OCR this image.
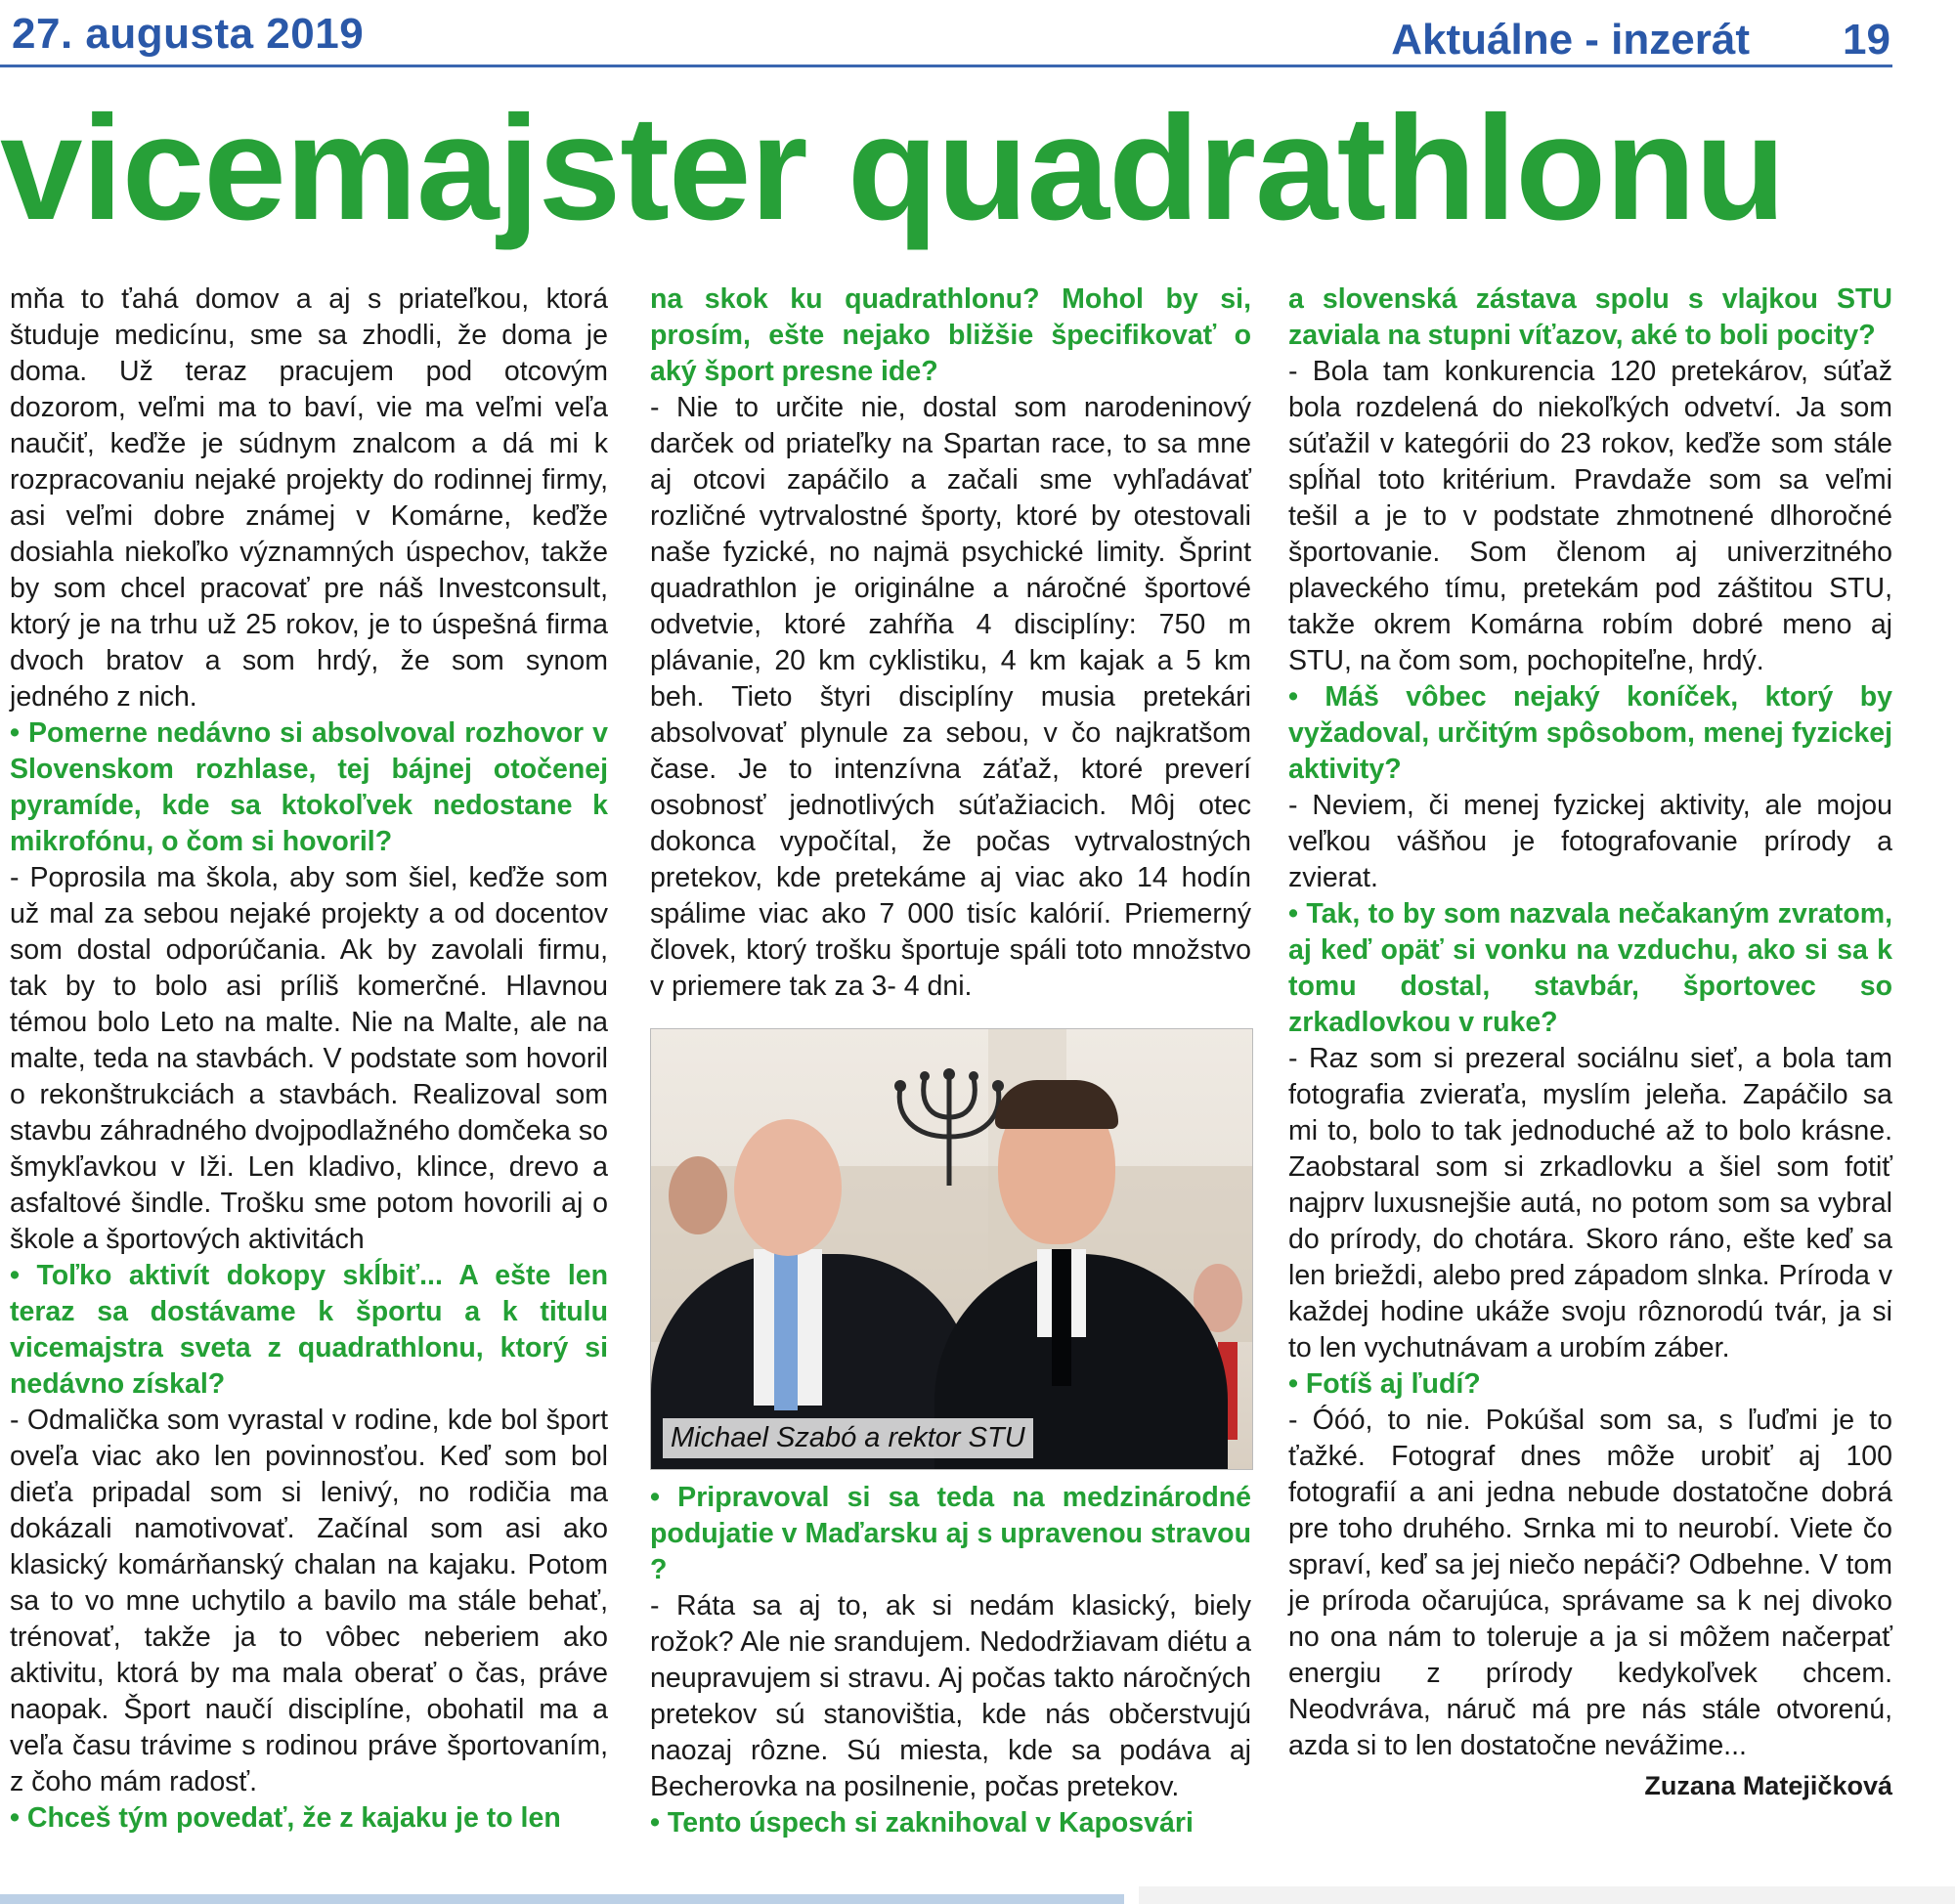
27. augusta 2019	Aktuálne - inzerát 19
vicemajster quadrathlonu

mňa to ťahá domov a aj s priateľkou, ktorá študuje medicínu, sme sa zhodli, že doma je doma. Už teraz pracujem pod otcovým dozorom, veľmi ma to baví, vie ma veľmi veľa naučiť, keďže je súdnym znalcom a dá mi k rozpracovaniu nejaké projekty do rodinnej firmy, asi veľmi dobre známej v Komárne, keďže dosiahla niekoľko významných úspechov, takže by som chcel pracovať pre náš Investconsult, ktorý je na trhu už 25 rokov, je to úspešná firma dvoch bratov a som hrdý, že som synom jedného z nich.

• Pomerne nedávno si absolvoval rozhovor v Slovenskom rozhlase, tej bájnej otočenej pyramíde, kde sa ktokoľvek nedostane k mikrofónu, o čom si hovoril?

- Poprosila ma škola, aby som šiel, keďže som už mal za sebou nejaké projekty a od docentov som dostal odporúčania. Ak by zavolali firmu, tak by to bolo asi príliš komerčné. Hlavnou témou bolo Leto na malte. Nie na Malte, ale na malte, teda na stavbách. V podstate som hovoril o rekonštrukciách a stavbách. Realizoval som stavbu záhradného dvojpodlažného domčeka so šmykľavkou v Iži. Len kladivo, klince, drevo a asfaltové šindle. Trošku sme potom hovorili aj o škole a športových aktivitách

• Toľko aktivít dokopy skĺbiť... A ešte len teraz sa dostávame k športu a k titulu vicemajstra sveta z quadrathlonu, ktorý si nedávno získal?

- Odmalička som vyrastal v rodine, kde bol šport oveľa viac ako len povinnosťou. Keď som bol dieťa pripadal som si lenivý, no rodičia ma dokázali namotivovať. Začínal som asi ako klasický komárňanský chalan na kajaku. Potom sa to vo mne uchytilo a bavilo ma stále behať, trénovať, takže ja to vôbec neberiem ako aktivitu, ktorá by ma mala oberať o čas, práve naopak. Šport naučí disciplíne, obohatil ma a veľa času trávime s rodinou práve športovaním, z čoho mám radosť.

• Chceš tým povedať, že z kajaku je to len

na skok ku quadrathlonu? Mohol by si, prosím, ešte nejako bližšie špecifikovať o aký šport presne ide?

- Nie to určite nie, dostal som narodeninový darček od priateľky na Spartan race, to sa mne aj otcovi zapáčilo a začali sme vyhľadávať rozličné vytrvalostné športy, ktoré by otestovali naše fyzické, no najmä psychické limity. Šprint quadrathlon je originálne a náročné športové odvetvie, ktoré zahŕňa 4 disciplíny: 750 m plávanie, 20 km cyklistiku, 4 km kajak a 5 km beh. Tieto štyri disciplíny musia pretekári absolvovať plynule za sebou, v čo najkratšom čase. Je to intenzívna záťaž, ktoré preverí osobnosť jednotlivých súťažiacich. Môj otec dokonca vypočítal, že počas vytrvalostných pretekov, kde pretekáme aj viac ako 14 hodín spálime viac ako 7 000 tisíc kalórií. Priemerný človek, ktorý trošku športuje spáli toto množstvo v priemere tak za 3- 4 dni.

Michael Szabó a rektor STU

• Pripravoval si sa teda na medzinárodné podujatie v Maďarsku aj s upravenou stravou ?

- Ráta sa aj to, ak si nedám klasický, biely rožok? Ale nie srandujem. Nedodržiavam diétu a neupravujem si stravu. Aj počas takto náročných pretekov sú stanovištia, kde nás občerstvujú naozaj rôzne. Sú miesta, kde sa podáva aj Becherovka na posilnenie, počas pretekov.

• Tento úspech si zaknihoval v Kaposvári

a slovenská zástava spolu s vlajkou STU zaviala na stupni víťazov, aké to boli pocity?

- Bola tam konkurencia 120 pretekárov, súťaž bola rozdelená do niekoľkých odvetví. Ja som súťažil v kategórii do 23 rokov, keďže som stále spĺňal toto kritérium. Pravdaže som sa veľmi tešil a je to v podstate zhmotnené dlhoročné športovanie. Som členom aj univerzitného plaveckého tímu, pretekám pod záštitou STU, takže okrem Komárna robím dobré meno aj STU, na čom som, pochopiteľne, hrdý.

• Máš vôbec nejaký koníček, ktorý by vyžadoval, určitým spôsobom, menej fyzickej aktivity?

- Neviem, či menej fyzickej aktivity, ale mojou veľkou vášňou je fotografovanie prírody a zvierat.

• Tak, to by som nazvala nečakaným zvratom, aj keď opäť si vonku na vzduchu, ako si sa k tomu dostal, stavbár, športovec so zrkadlovkou v ruke?

- Raz som si prezeral sociálnu sieť, a bola tam fotografia zvieraťa, myslím jeleňa. Zapáčilo sa mi to, bolo to tak jednoduché až to bolo krásne. Zaobstaral som si zrkadlovku a šiel som fotiť najprv luxusnejšie autá, no potom som sa vybral do prírody, do chotára. Skoro ráno, ešte keď sa len brieždi, alebo pred západom slnka. Príroda v každej hodine ukáže svoju rôznorodú tvár, ja si to len vychutnávam a urobím záber.

• Fotíš aj ľudí?

- Óóó, to nie. Pokúšal som sa, s ľuďmi je to ťažké. Fotograf dnes môže urobiť aj 100 fotografií a ani jedna nebude dostatočne dobrá pre toho druhého. Srnka mi to neurobí. Viete čo spraví, keď sa jej niečo nepáči? Odbehne. V tom je príroda očarujúca, správame sa k nej divoko no ona nám to toleruje a ja si môžem načerpať energiu z prírody kedykoľvek chcem. Neodvráva, náruč má pre nás stále otvorenú, azda si to len dostatočne nevážime...

Zuzana Matejičková
